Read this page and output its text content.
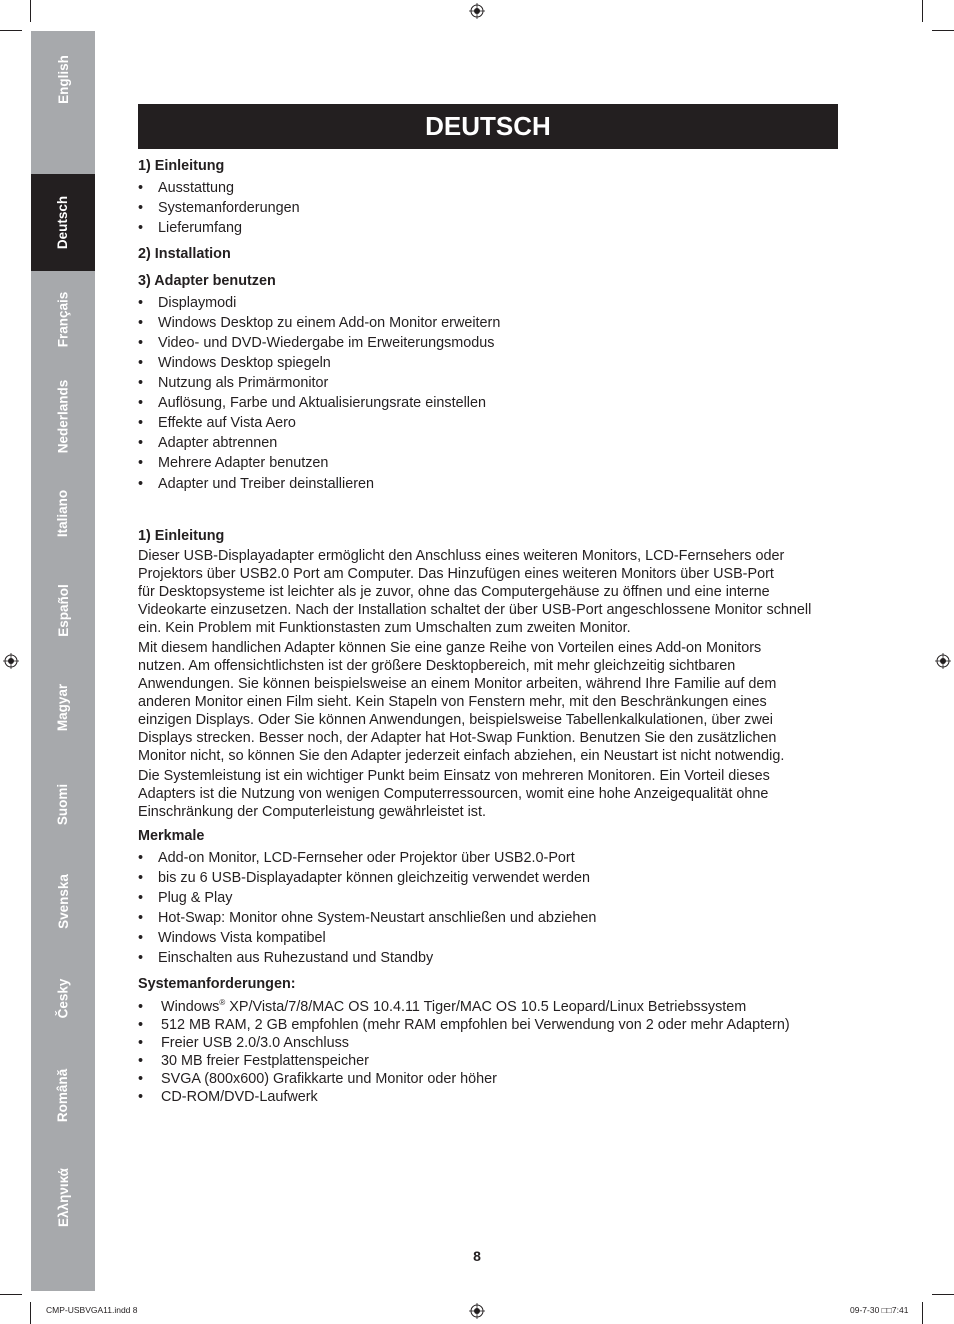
English
Deutsch
Français
Nederlands
Italiano
Español
Magyar
Suomi
Svenska
Česky
Română
Ελληνικά
DEUTSCH

1) Einleitung

• Ausstattung
• Systemanforderungen
• Lieferumfang

2) Installation

3) Adapter benutzen

• Displaymodi
• Windows Desktop zu einem Add-on Monitor erweitern
• Video- und DVD-Wiedergabe im Erweiterungsmodus
• Windows Desktop spiegeln
• Nutzung als Primärmonitor
• Auflösung, Farbe und Aktualisierungsrate einstellen
• Effekte auf Vista Aero
• Adapter abtrennen
• Mehrere Adapter benutzen
• Adapter und Treiber deinstallieren

1) Einleitung

Dieser USB-Displayadapter ermöglicht den Anschluss eines weiteren Monitors, LCD-Fernsehers oder

Projektors über USB2.0 Port am Computer. Das Hinzufügen eines weiteren Monitors über USB-Port

für Desktopsysteme ist leichter als je zuvor, ohne das Computergehäuse zu öffnen und eine interne

Videokarte einzusetzen. Nach der Installation schaltet der über USB-Port angeschlossene Monitor schnell

ein. Kein Problem mit Funktionstasten zum Umschalten zum zweiten Monitor.

Mit diesem handlichen Adapter können Sie eine ganze Reihe von Vorteilen eines Add-on Monitors

nutzen. Am offensichtlichsten ist der größere Desktopbereich, mit mehr gleichzeitig sichtbaren

Anwendungen. Sie können beispielsweise an einem Monitor arbeiten, während Ihre Familie auf dem

anderen Monitor einen Film sieht. Kein Stapeln von Fenstern mehr, mit den Beschränkungen eines

einzigen Displays. Oder Sie können Anwendungen, beispielsweise Tabellenkalkulationen, über zwei

Displays strecken. Besser noch, der Adapter hat Hot-Swap Funktion. Benutzen Sie den zusätzlichen

Monitor nicht, so können Sie den Adapter jederzeit einfach abziehen, ein Neustart ist nicht notwendig.

Die Systemleistung ist ein wichtiger Punkt beim Einsatz von mehreren Monitoren. Ein Vorteil dieses

Adapters ist die Nutzung von wenigen Computerressourcen, womit eine hohe Anzeigequalität ohne

Einschränkung der Computerleistung gewährleistet ist.

Merkmale

• Add-on Monitor, LCD-Fernseher oder Projektor über USB2.0-Port
• bis zu 6 USB-Displayadapter können gleichzeitig verwendet werden
• Plug & Play
• Hot-Swap: Monitor ohne System-Neustart anschließen und abziehen
• Windows Vista kompatibel
• Einschalten aus Ruhezustand und Standby

Systemanforderungen:

• Windows® XP/Vista/7/8/MAC OS 10.4.11 Tiger/MAC OS 10.5 Leopard/Linux Betriebssystem
• 512 MB RAM, 2 GB empfohlen (mehr RAM empfohlen bei Verwendung von 2 oder mehr Adaptern)
• Freier USB 2.0/3.0 Anschluss
• 30 MB freier Festplattenspeicher
• SVGA (800x600) Grafikkarte und Monitor oder höher
• CD-ROM/DVD-Laufwerk
8
CMP-USBVGA11.indd 8	09-7-30 □□7:41
